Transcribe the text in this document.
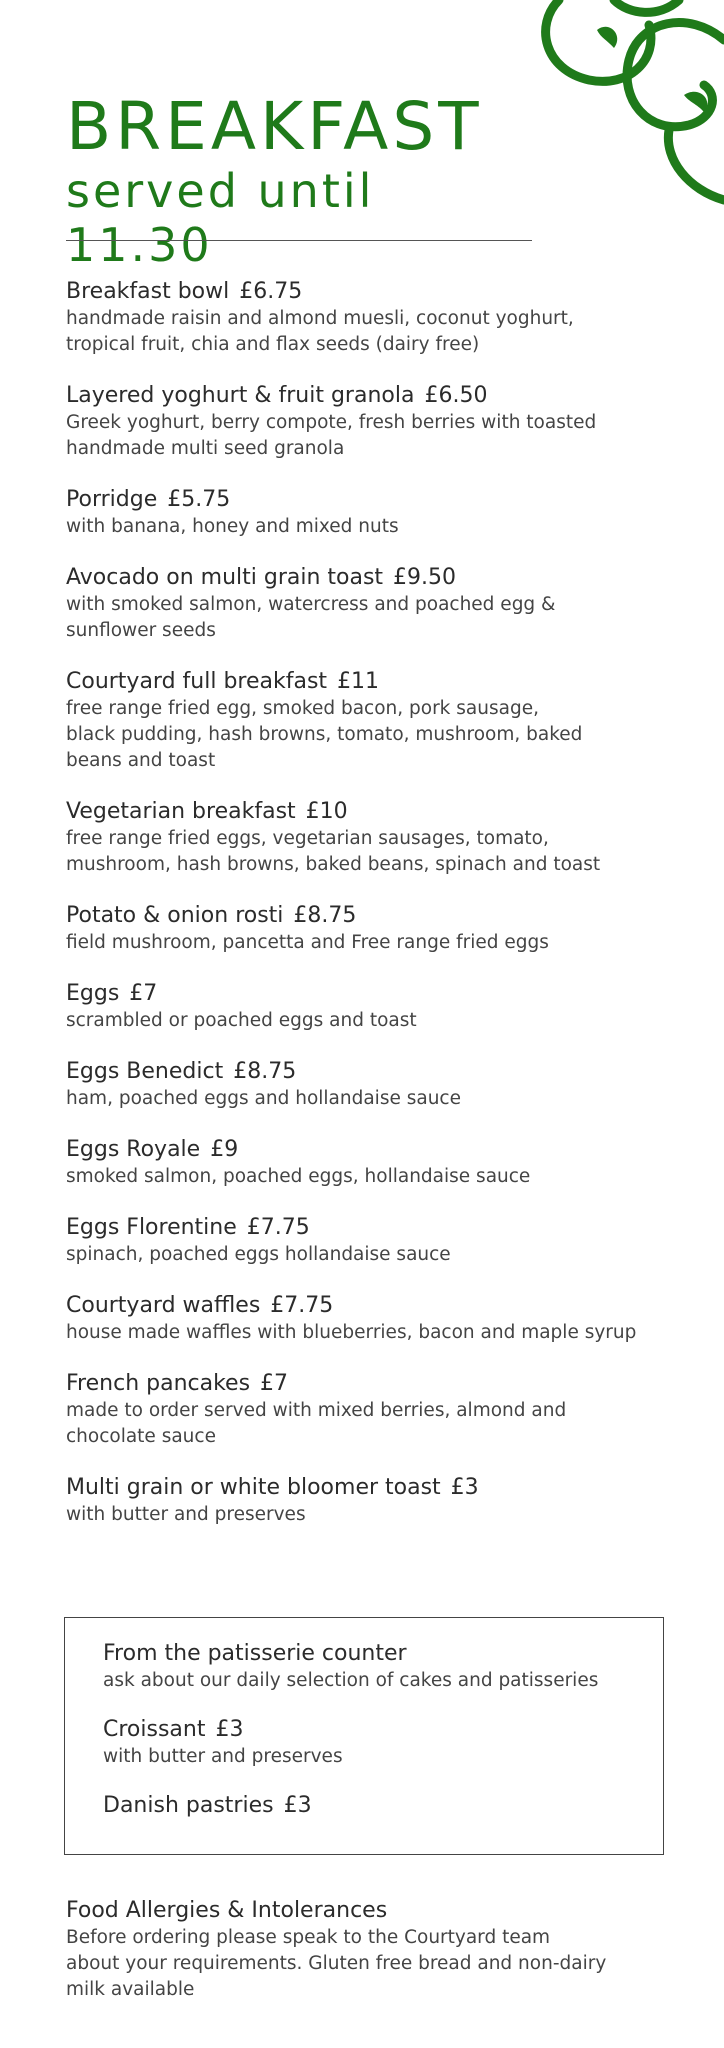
BREAKFAST
served until 11.30
Breakfast bowl £6.75
handmade raisin and almond muesli, coconut yoghurt,
tropical fruit, chia and flax seeds (dairy free)
Layered yoghurt & fruit granola £6.50
Greek yoghurt, berry compote, fresh berries with toasted
handmade multi seed granola
Porridge £5.75
with banana, honey and mixed nuts
Avocado on multi grain toast £9.50
with smoked salmon, watercress and poached egg &
sunflower seeds
Courtyard full breakfast £11
free range fried egg, smoked bacon, pork sausage,
black pudding, hash browns, tomato, mushroom, baked
beans and toast
Vegetarian breakfast £10
free range fried eggs, vegetarian sausages, tomato,
mushroom, hash browns, baked beans, spinach and toast
Potato & onion rosti £8.75
field mushroom, pancetta and Free range fried eggs
Eggs £7
scrambled or poached eggs and toast
Eggs Benedict £8.75
ham, poached eggs and hollandaise sauce
Eggs Royale £9
smoked salmon, poached eggs, hollandaise sauce
Eggs Florentine £7.75
spinach, poached eggs hollandaise sauce
Courtyard waffles £7.75
house made waffles with blueberries, bacon and maple syrup
French pancakes £7
made to order served with mixed berries, almond and
chocolate sauce
Multi grain or white bloomer toast £3
with butter and preserves
From the patisserie counter
ask about our daily selection of cakes and patisseries
Croissant £3
with butter and preserves
Danish pastries £3
Food Allergies & Intolerances
Before ordering please speak to the Courtyard team
about your requirements. Gluten free bread and non-dairy
milk available
